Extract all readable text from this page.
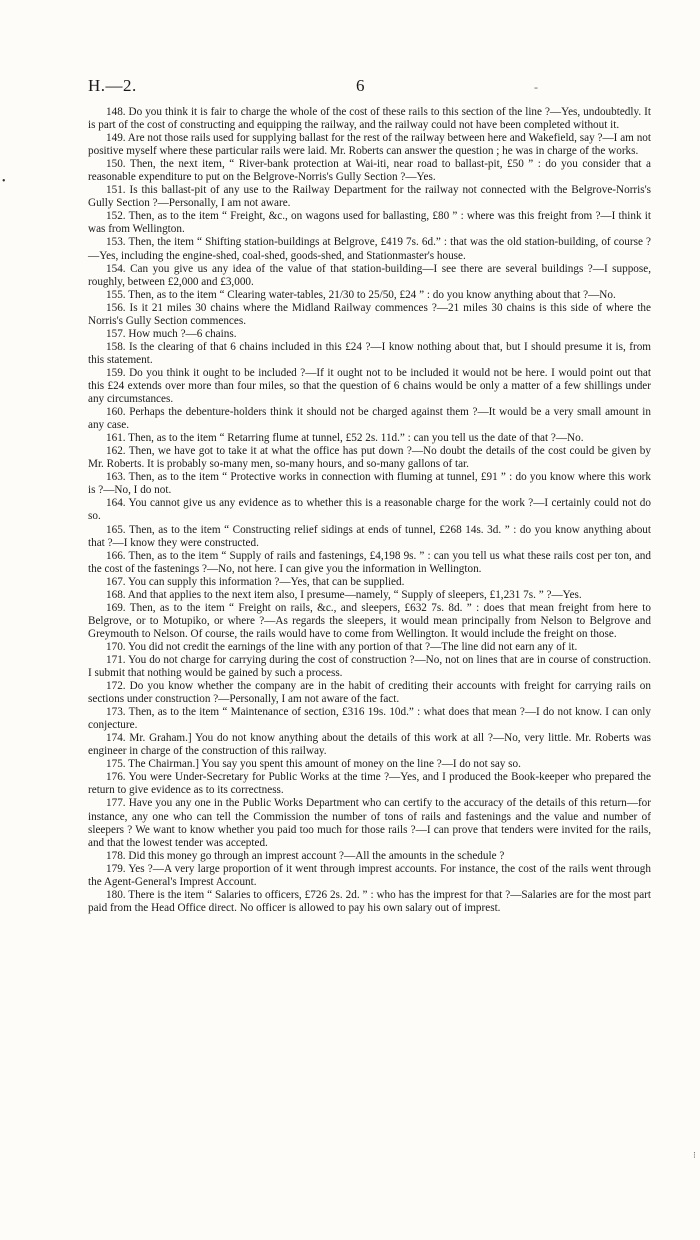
H.—2.	6	-
•
⁝

148. Do you think it is fair to charge the whole of the cost of these rails to this section of the line ?—Yes, undoubtedly. It is part of the cost of constructing and equipping the railway, and the railway could not have been completed without it.

149. Are not those rails used for supplying ballast for the rest of the railway between here and Wakefield, say ?—I am not positive myself where these particular rails were laid. Mr. Roberts can answer the question ; he was in charge of the works.

150. Then, the next item, “ River-bank protection at Wai-iti, near road to ballast-pit, £50 ” : do you consider that a reasonable expenditure to put on the Belgrove-Norris's Gully Section ?—Yes.

151. Is this ballast-pit of any use to the Railway Department for the railway not connected with the Belgrove-Norris's Gully Section ?—Personally, I am not aware.

152. Then, as to the item “ Freight, &c., on wagons used for ballasting, £80 ” : where was this freight from ?—I think it was from Wellington.

153. Then, the item “ Shifting station-buildings at Belgrove, £419 7s. 6d.” : that was the old station-building, of course ?—Yes, including the engine-shed, coal-shed, goods-shed, and Stationmaster's house.

154. Can you give us any idea of the value of that station-building—I see there are several buildings ?—I suppose, roughly, between £2,000 and £3,000.

155. Then, as to the item “ Clearing water-tables, 21/30 to 25/50, £24 ” : do you know anything about that ?—No.

156. Is it 21 miles 30 chains where the Midland Railway commences ?—21 miles 30 chains is this side of where the Norris's Gully Section commences.

157. How much ?—6 chains.

158. Is the clearing of that 6 chains included in this £24 ?—I know nothing about that, but I should presume it is, from this statement.

159. Do you think it ought to be included ?—If it ought not to be included it would not be here. I would point out that this £24 extends over more than four miles, so that the question of 6 chains would be only a matter of a few shillings under any circumstances.

160. Perhaps the debenture-holders think it should not be charged against them ?—It would be a very small amount in any case.

161. Then, as to the item “ Retarring flume at tunnel, £52 2s. 11d.” : can you tell us the date of that ?—No.

162. Then, we have got to take it at what the office has put down ?—No doubt the details of the cost could be given by Mr. Roberts. It is probably so-many men, so-many hours, and so-many gallons of tar.

163. Then, as to the item “ Protective works in connection with fluming at tunnel, £91 ” : do you know where this work is ?—No, I do not.

164. You cannot give us any evidence as to whether this is a reasonable charge for the work ?—I certainly could not do so.

165. Then, as to the item “ Constructing relief sidings at ends of tunnel, £268 14s. 3d. ” : do you know anything about that ?—I know they were constructed.

166. Then, as to the item “ Supply of rails and fastenings, £4,198 9s. ” : can you tell us what these rails cost per ton, and the cost of the fastenings ?—No, not here. I can give you the information in Wellington.

167. You can supply this information ?—Yes, that can be supplied.

168. And that applies to the next item also, I presume—namely, “ Supply of sleepers, £1,231 7s. ” ?—Yes.

169. Then, as to the item “ Freight on rails, &c., and sleepers, £632 7s. 8d. ” : does that mean freight from here to Belgrove, or to Motupiko, or where ?—As regards the sleepers, it would mean principally from Nelson to Belgrove and Greymouth to Nelson. Of course, the rails would have to come from Wellington. It would include the freight on those.

170. You did not credit the earnings of the line with any portion of that ?—The line did not earn any of it.

171. You do not charge for carrying during the cost of construction ?—No, not on lines that are in course of construction. I submit that nothing would be gained by such a process.

172. Do you know whether the company are in the habit of crediting their accounts with freight for carrying rails on sections under construction ?—Personally, I am not aware of the fact.

173. Then, as to the item “ Maintenance of section, £316 19s. 10d.” : what does that mean ?—I do not know. I can only conjecture.

174. Mr. Graham.] You do not know anything about the details of this work at all ?—No, very little. Mr. Roberts was engineer in charge of the construction of this railway.

175. The Chairman.] You say you spent this amount of money on the line ?—I do not say so.

176. You were Under-Secretary for Public Works at the time ?—Yes, and I produced the Book-keeper who prepared the return to give evidence as to its correctness.

177. Have you any one in the Public Works Department who can certify to the accuracy of the details of this return—for instance, any one who can tell the Commission the number of tons of rails and fastenings and the value and number of sleepers ? We want to know whether you paid too much for those rails ?—I can prove that tenders were invited for the rails, and that the lowest tender was accepted.

178. Did this money go through an imprest account ?—All the amounts in the schedule ?

179. Yes ?—A very large proportion of it went through imprest accounts. For instance, the cost of the rails went through the Agent-General's Imprest Account.

180. There is the item “ Salaries to officers, £726 2s. 2d. ” : who has the imprest for that ?—Salaries are for the most part paid from the Head Office direct. No officer is allowed to pay his own salary out of imprest.
